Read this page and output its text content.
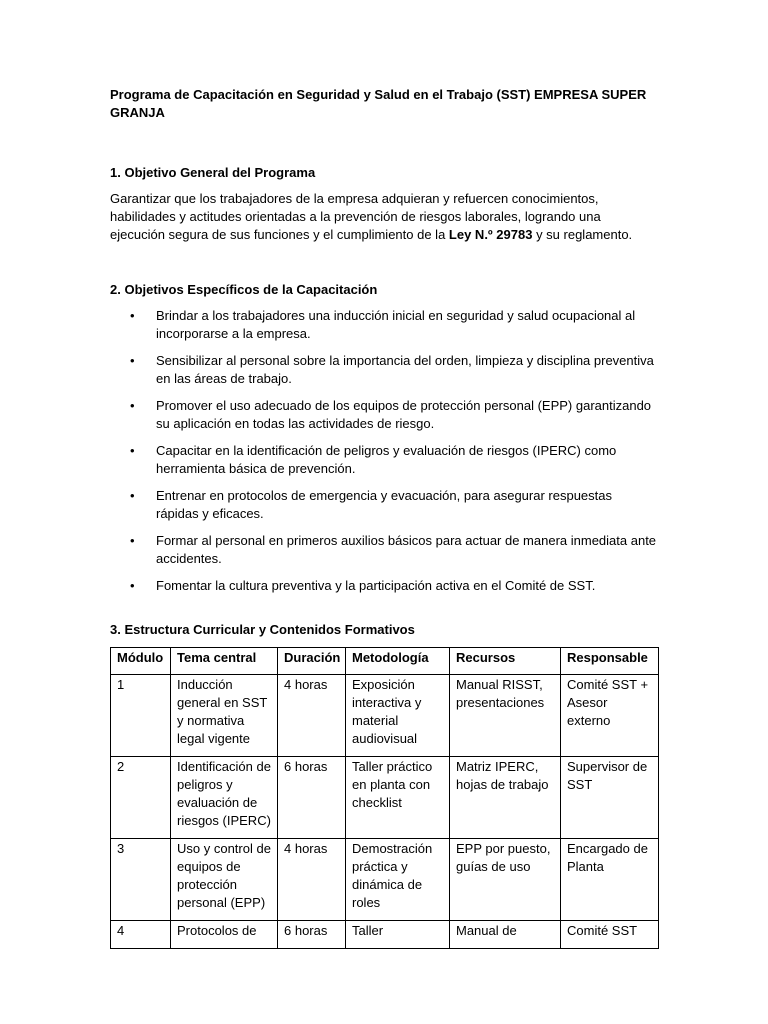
Programa de Capacitación en Seguridad y Salud en el Trabajo (SST) EMPRESA SUPER GRANJA

1. Objetivo General del Programa

Garantizar que los trabajadores de la empresa adquieran y refuercen conocimientos, habilidades y actitudes orientadas a la prevención de riesgos laborales, logrando una ejecución segura de sus funciones y el cumplimiento de la Ley N.º 29783 y su reglamento.

2. Objetivos Específicos de la Capacitación

• Brindar a los trabajadores una inducción inicial en seguridad y salud ocupacional al incorporarse a la empresa.
• Sensibilizar al personal sobre la importancia del orden, limpieza y disciplina preventiva en las áreas de trabajo.
• Promover el uso adecuado de los equipos de protección personal (EPP) garantizando su aplicación en todas las actividades de riesgo.
• Capacitar en la identificación de peligros y evaluación de riesgos (IPERC) como herramienta básica de prevención.
• Entrenar en protocolos de emergencia y evacuación, para asegurar respuestas rápidas y eficaces.
• Formar al personal en primeros auxilios básicos para actuar de manera inmediata ante accidentes.
• Fomentar la cultura preventiva y la participación activa en el Comité de SST.

3. Estructura Curricular y Contenidos Formativos

Módulo	Tema central	Duración	Metodología	Recursos	Responsable
1	Inducción general en SST y normativa legal vigente	4 horas	Exposición interactiva y material audiovisual	Manual RISST, presentaciones	Comité SST + Asesor externo
2	Identificación de peligros y evaluación de riesgos (IPERC)	6 horas	Taller práctico en planta con checklist	Matriz IPERC, hojas de trabajo	Supervisor de SST
3	Uso y control de equipos de protección personal (EPP)	4 horas	Demostración práctica y dinámica de roles	EPP por puesto, guías de uso	Encargado de Planta
4	Protocolos de	6 horas	Taller	Manual de	Comité SST
